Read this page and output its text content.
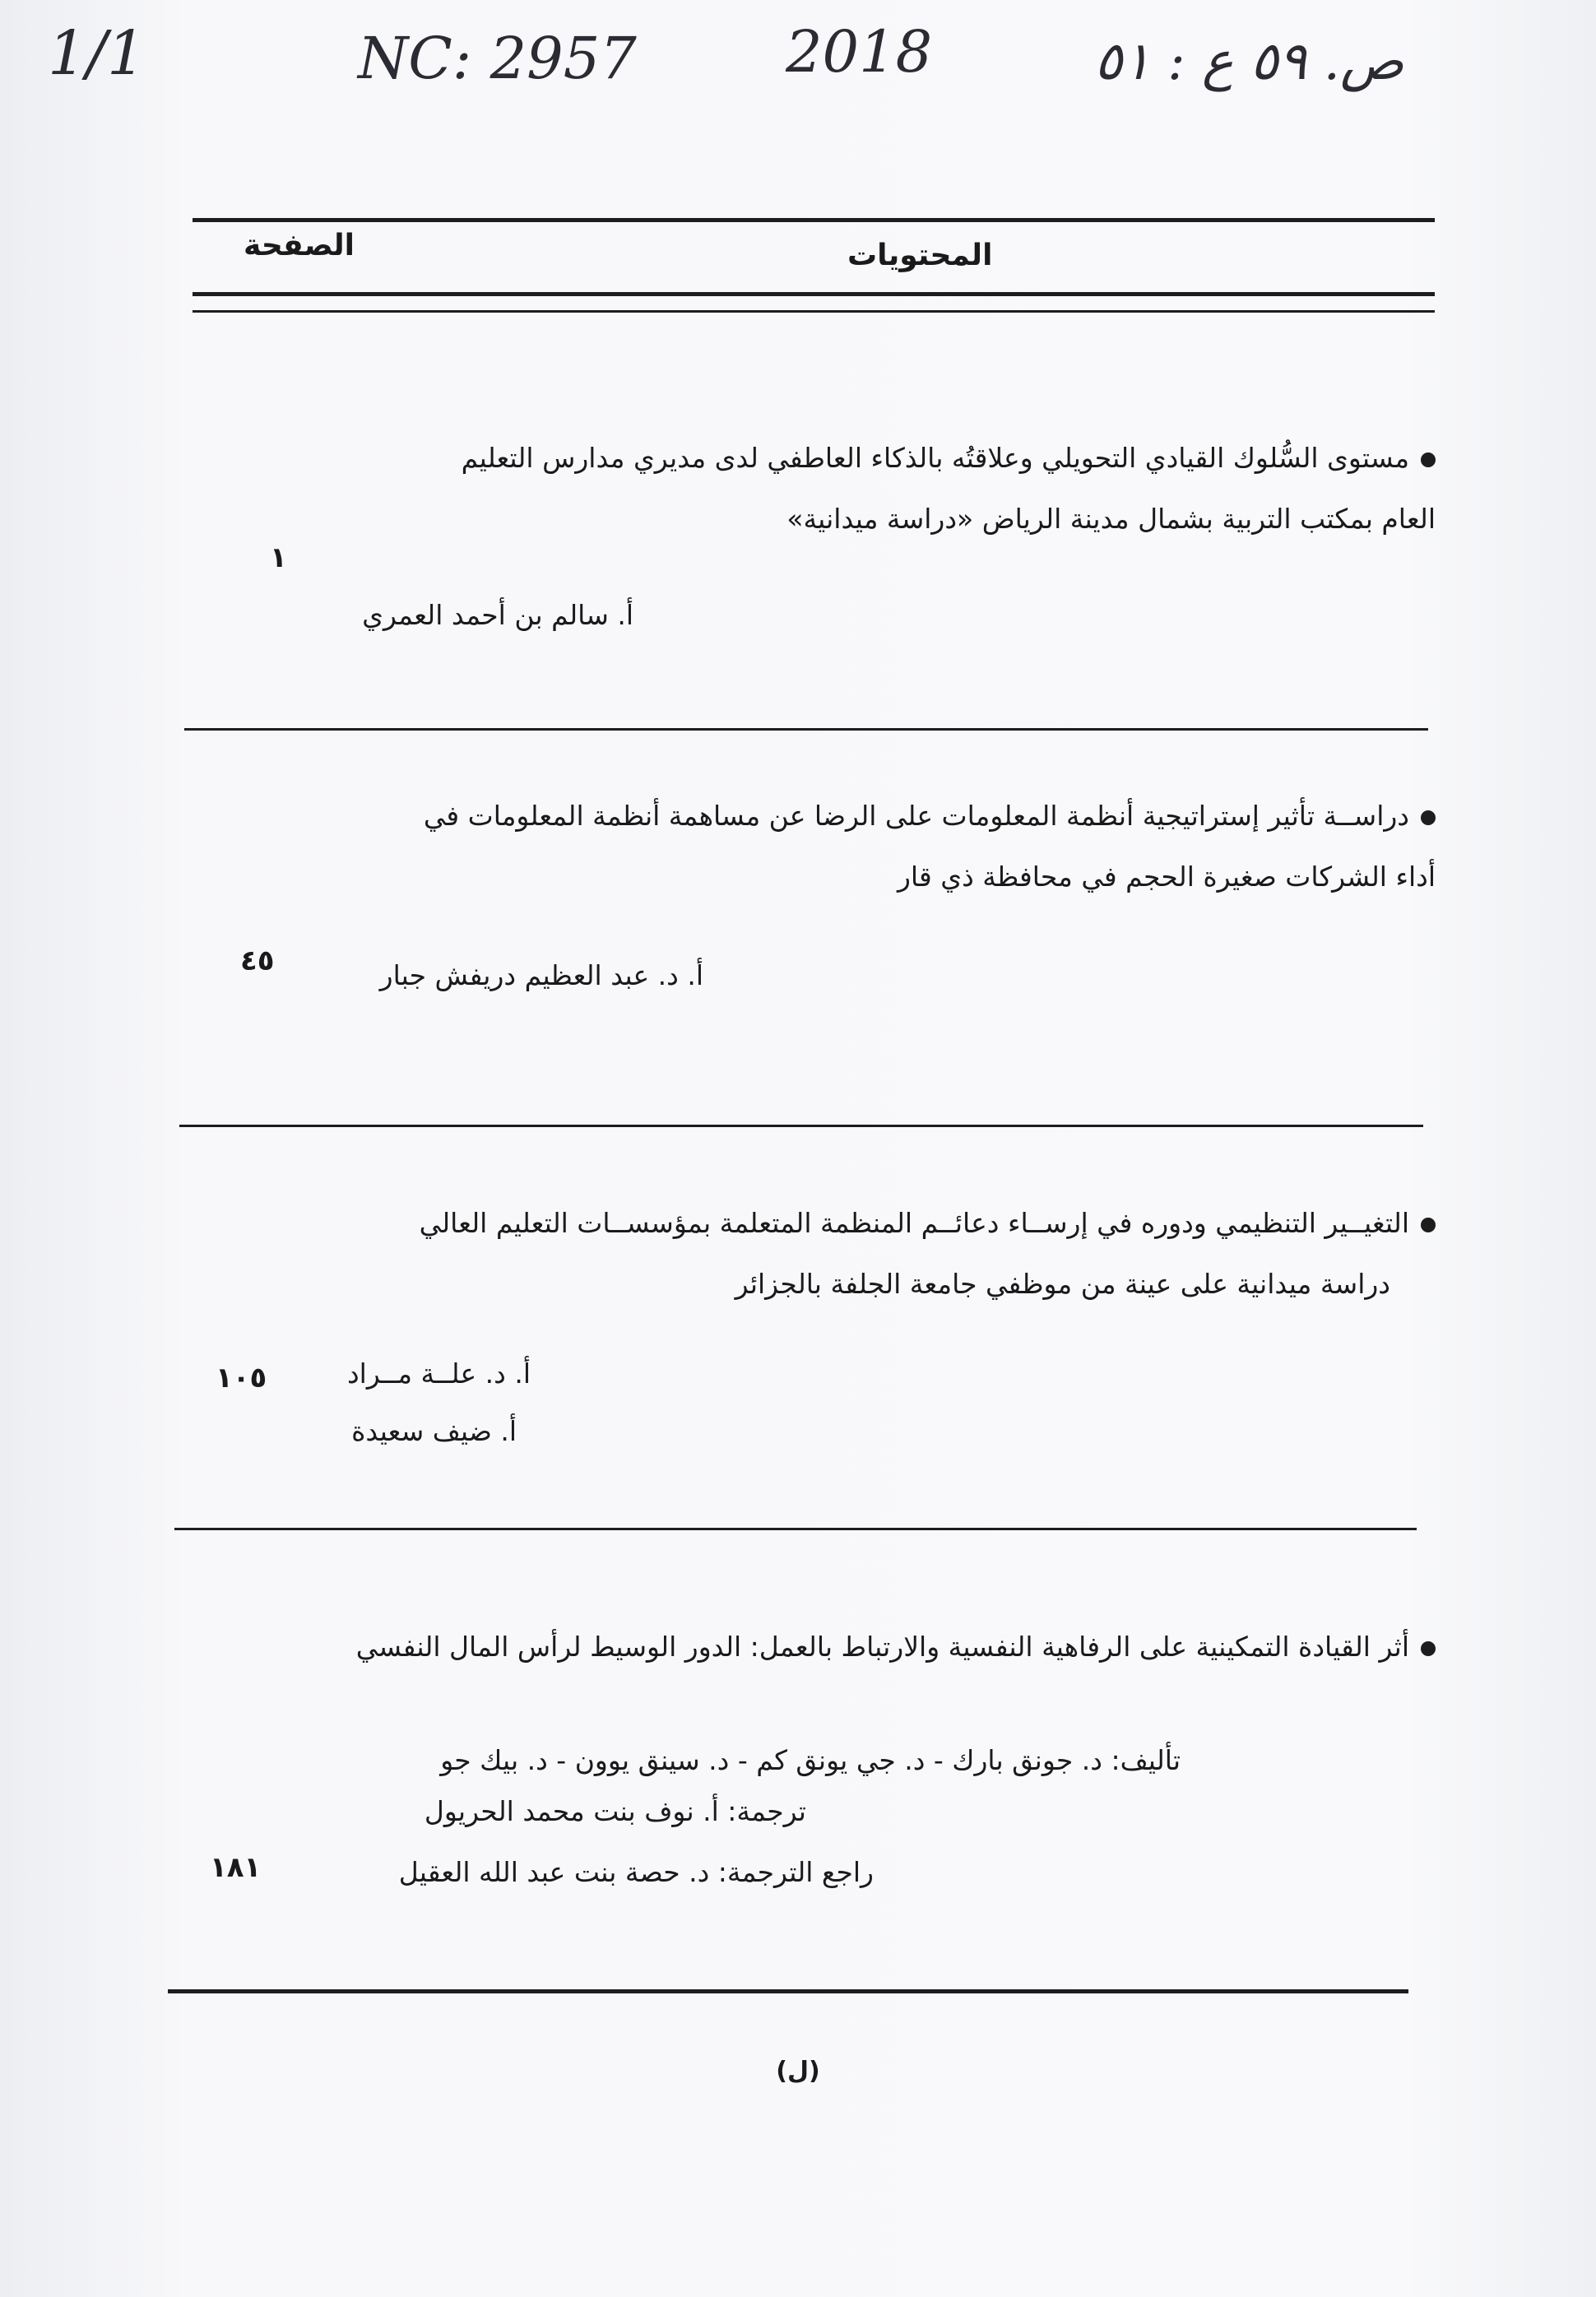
1/1	NC: 2957	2018	ص. ٥٩ ع : ٥١
المحتويات
الصفحة
مستوى السُّلوك القيادي التحويلي وعلاقتُه بالذكاء العاطفي لدى مديري مدارس التعليم
العام بمكتب التربية بشمال مدينة الرياض «دراسة ميدانية»
أ. سالم بن أحمد العمري
١
دراســة تأثير إستراتيجية أنظمة المعلومات على الرضا عن مساهمة أنظمة المعلومات في
أداء الشركات صغيرة الحجم في محافظة ذي قار
أ. د. عبد العظيم دريفش جبار
٤٥
التغيــير التنظيمي ودوره في إرســاء دعائــم المنظمة المتعلمة بمؤسســات التعليم العالي
دراسة ميدانية على عينة من موظفي جامعة الجلفة بالجزائر
أ. د. علــة مــراد
أ. ضيف سعيدة
١٠٥
أثر القيادة التمكينية على الرفاهية النفسية والارتباط بالعمل: الدور الوسيط لرأس المال النفسي
تأليف: د. جونق بارك - د. جي يونق كم - د. سينق يوون - د. بيك جو
ترجمة: أ. نوف بنت محمد الحريول
راجع الترجمة: د. حصة بنت عبد الله العقيل
١٨١
(ل)
